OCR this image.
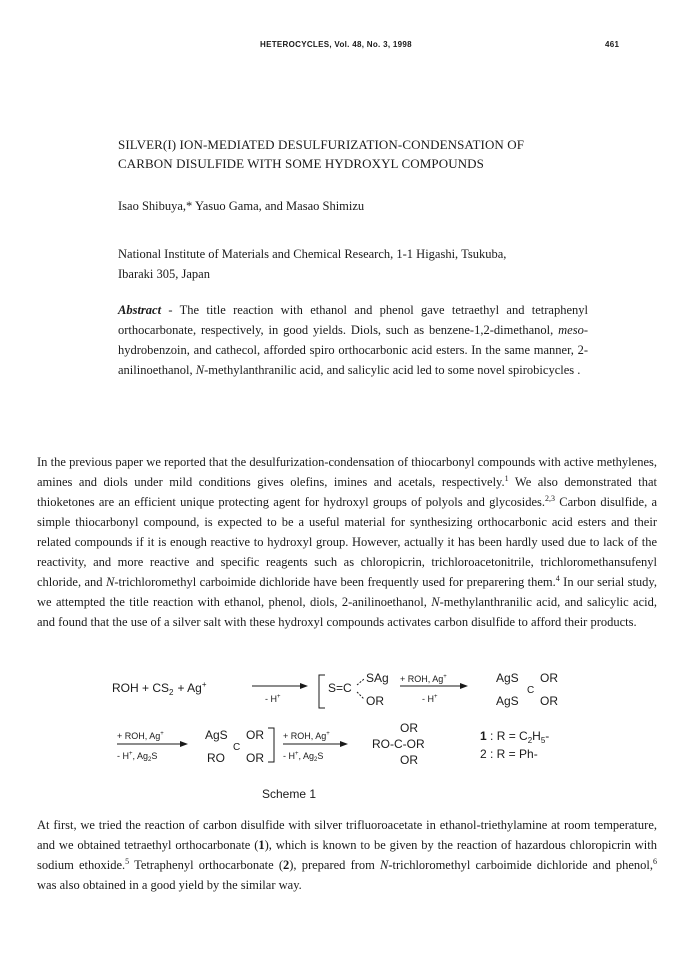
HETEROCYCLES, Vol. 48, No. 3, 1998	461
SILVER(I) ION-MEDIATED DESULFURIZATION-CONDENSATION OF
CARBON DISULFIDE WITH SOME HYDROXYL COMPOUNDS
Isao Shibuya,* Yasuo Gama, and Masao Shimizu
National Institute of Materials and Chemical Research, 1-1 Higashi, Tsukuba,
Ibaraki 305, Japan
Abstract - The title reaction with ethanol and phenol gave tetraethyl and tetraphenyl orthocarbonate, respectively, in good yields. Diols, such as benzene-1,2-dimethanol, meso-hydrobenzoin, and cathecol, afforded spiro orthocarbonic acid esters. In the same manner, 2-anilinoethanol, N-methylanthranilic acid, and salicylic acid led to some novel spirobicycles .
In the previous paper we reported that the desulfurization-condensation of thiocarbonyl compounds with active methylenes, amines and diols under mild conditions gives olefins, imines and acetals, respectively.$^1$ We also demonstrated that thioketones are an efficient unique protecting agent for hydroxyl groups of polyols and glycosides.$^{2,3}$ Carbon disulfide, a simple thiocarbonyl compound, is expected to be a useful material for synthesizing orthocarbonic acid esters and their related compounds if it is enough reactive to hydroxyl group. However, actually it has been hardly used due to lack of the reactivity, and more reactive and specific reagents such as chloropicrin, trichloroacetonitrile, trichloromethansufenyl chloride, and N-trichloromethyl carboimide dichloride have been frequently used for preparering them.$^4$ In our serial study, we attempted the title reaction with ethanol, phenol, diols, 2-anilinoethanol, N-methylanthranilic acid, and salicylic acid, and found that the use of a silver salt with these hydroxyl compounds activates carbon disulfide to afford their products.
ROH + $CS_2 + Ag^+$
- H+
S=C
SAg
OR
+ ROH, Ag+
- H+
AgS OR
C
AgS OR
+ ROH, Ag+
- H+, $Ag_2S$
AgS OR
C
RO OR
+ ROH, Ag+
- H+, $Ag_2S$
OR
RO-C-OR
OR
1 : $R = C_2H_5-$
2 : R = Ph-
Scheme 1
At first, we tried the reaction of carbon disulfide with silver trifluoroacetate in ethanol-triethylamine at room temperature, and we obtained tetraethyl orthocarbonate (1), which is known to be given by the reaction of hazardous chloropicrin with sodium ethoxide.$^5$ Tetraphenyl orthocarbonate (2), prepared from N-trichloromethyl carboimide dichloride and phenol,$^6$ was also obtained in a good yield by the similar way.
